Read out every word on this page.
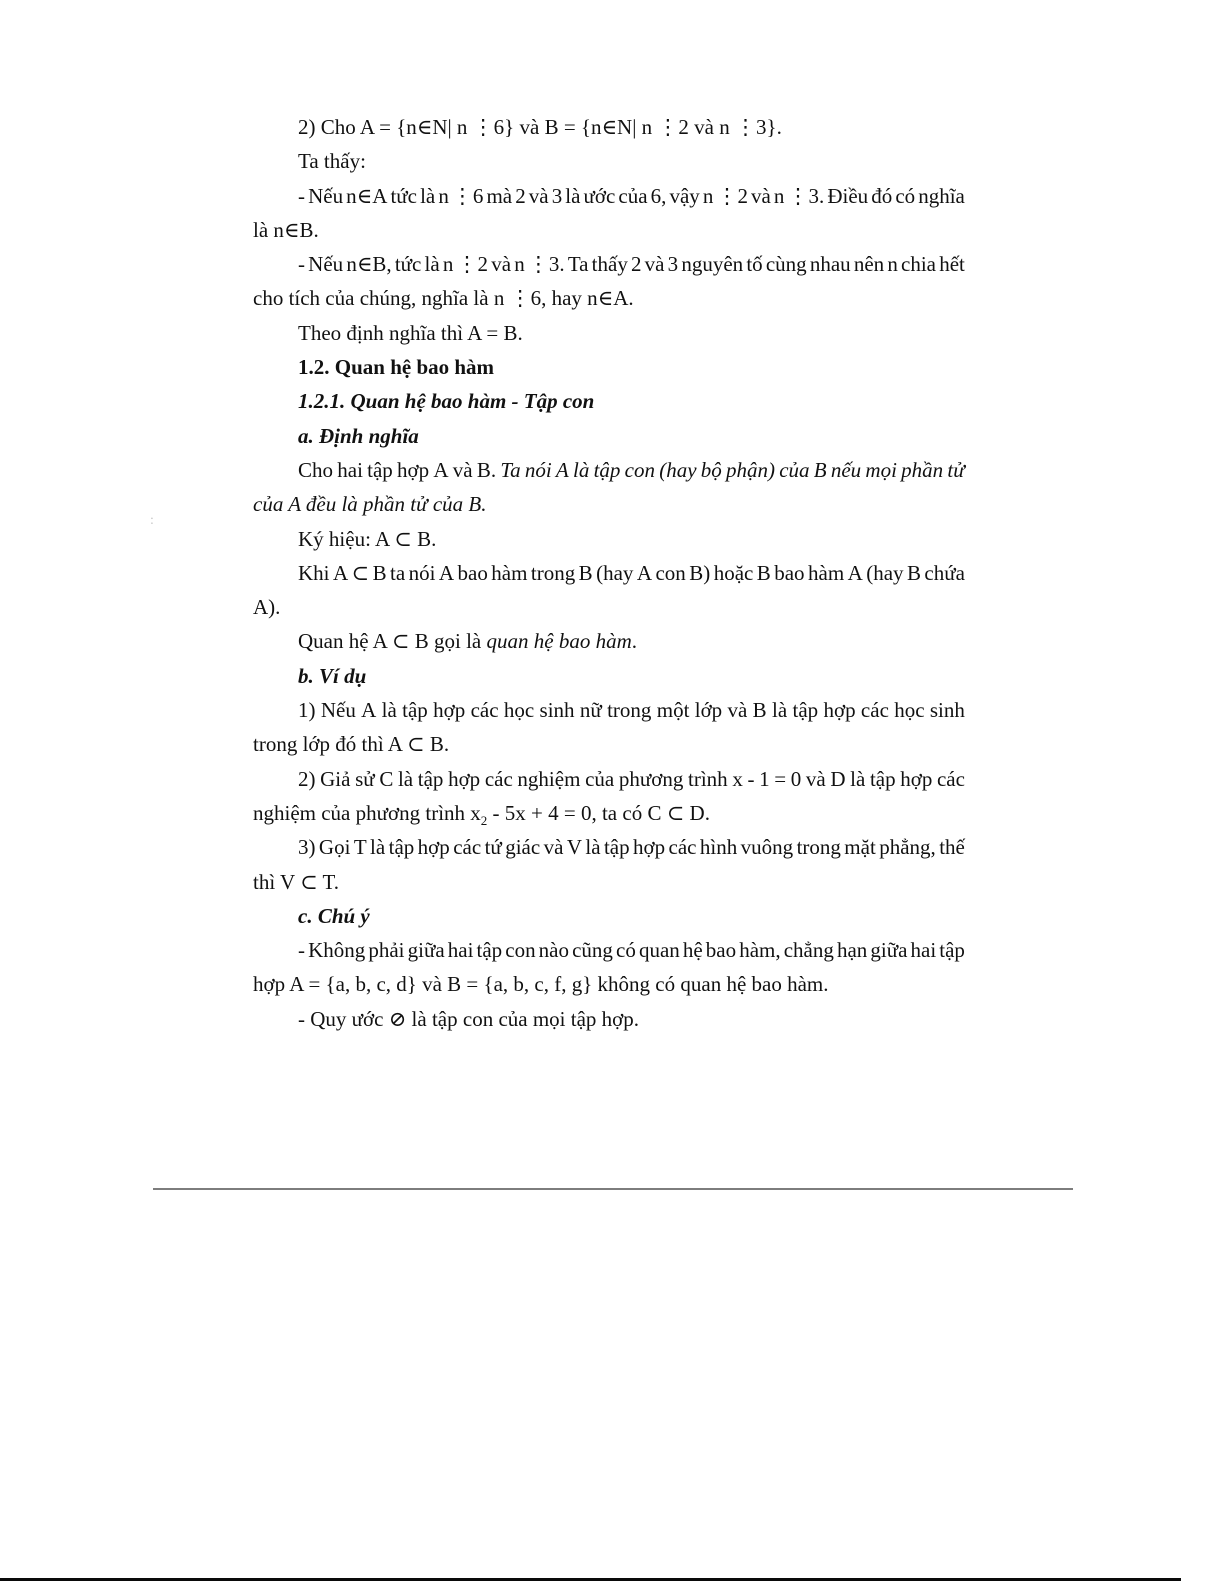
:
2) Cho A = {n∈N| n ⋮6} và B = {n∈N| n ⋮2 và n ⋮3}.
Ta thấy:
- Nếu n∈A tức là n ⋮6 mà 2 và 3 là ước của 6, vậy n ⋮2 và n ⋮3. Điều đó có nghĩa
là n∈B.
- Nếu n∈B, tức là n ⋮2 và n ⋮3. Ta thấy 2 và 3 nguyên tố cùng nhau nên n chia hết
cho tích của chúng, nghĩa là n ⋮6, hay n∈A.
Theo định nghĩa thì A = B.
1.2. Quan hệ bao hàm
1.2.1. Quan hệ bao hàm - Tập con
a. Định nghĩa
Cho hai tập hợp A và B. Ta nói A là tập con (hay bộ phận) của B nếu mọi phần tử
của A đều là phần tử của B.
Ký hiệu: A ⊂ B.
Khi A ⊂ B ta nói A bao hàm trong B (hay A con B) hoặc B bao hàm A (hay B chứa
A).
Quan hệ A ⊂ B gọi là quan hệ bao hàm.
b. Ví dụ
1) Nếu A là tập hợp các học sinh nữ trong một lớp và B là tập hợp các học sinh
trong lớp đó thì A ⊂ B.
2) Giả sử C là tập hợp các nghiệm của phương trình x - 1 = 0 và D là tập hợp các
nghiệm của phương trình $x_2 - 5x + 4 = 0$, ta có C ⊂ D.
3) Gọi T là tập hợp các tứ giác và V là tập hợp các hình vuông trong mặt phẳng, thế
thì V ⊂ T.
c. Chú ý
- Không phải giữa hai tập con nào cũng có quan hệ bao hàm, chẳng hạn giữa hai tập
hợp A = {a, b, c, d} và B = {a, b, c, f, g} không có quan hệ bao hàm.
- Quy ước ⊘ là tập con của mọi tập hợp.
